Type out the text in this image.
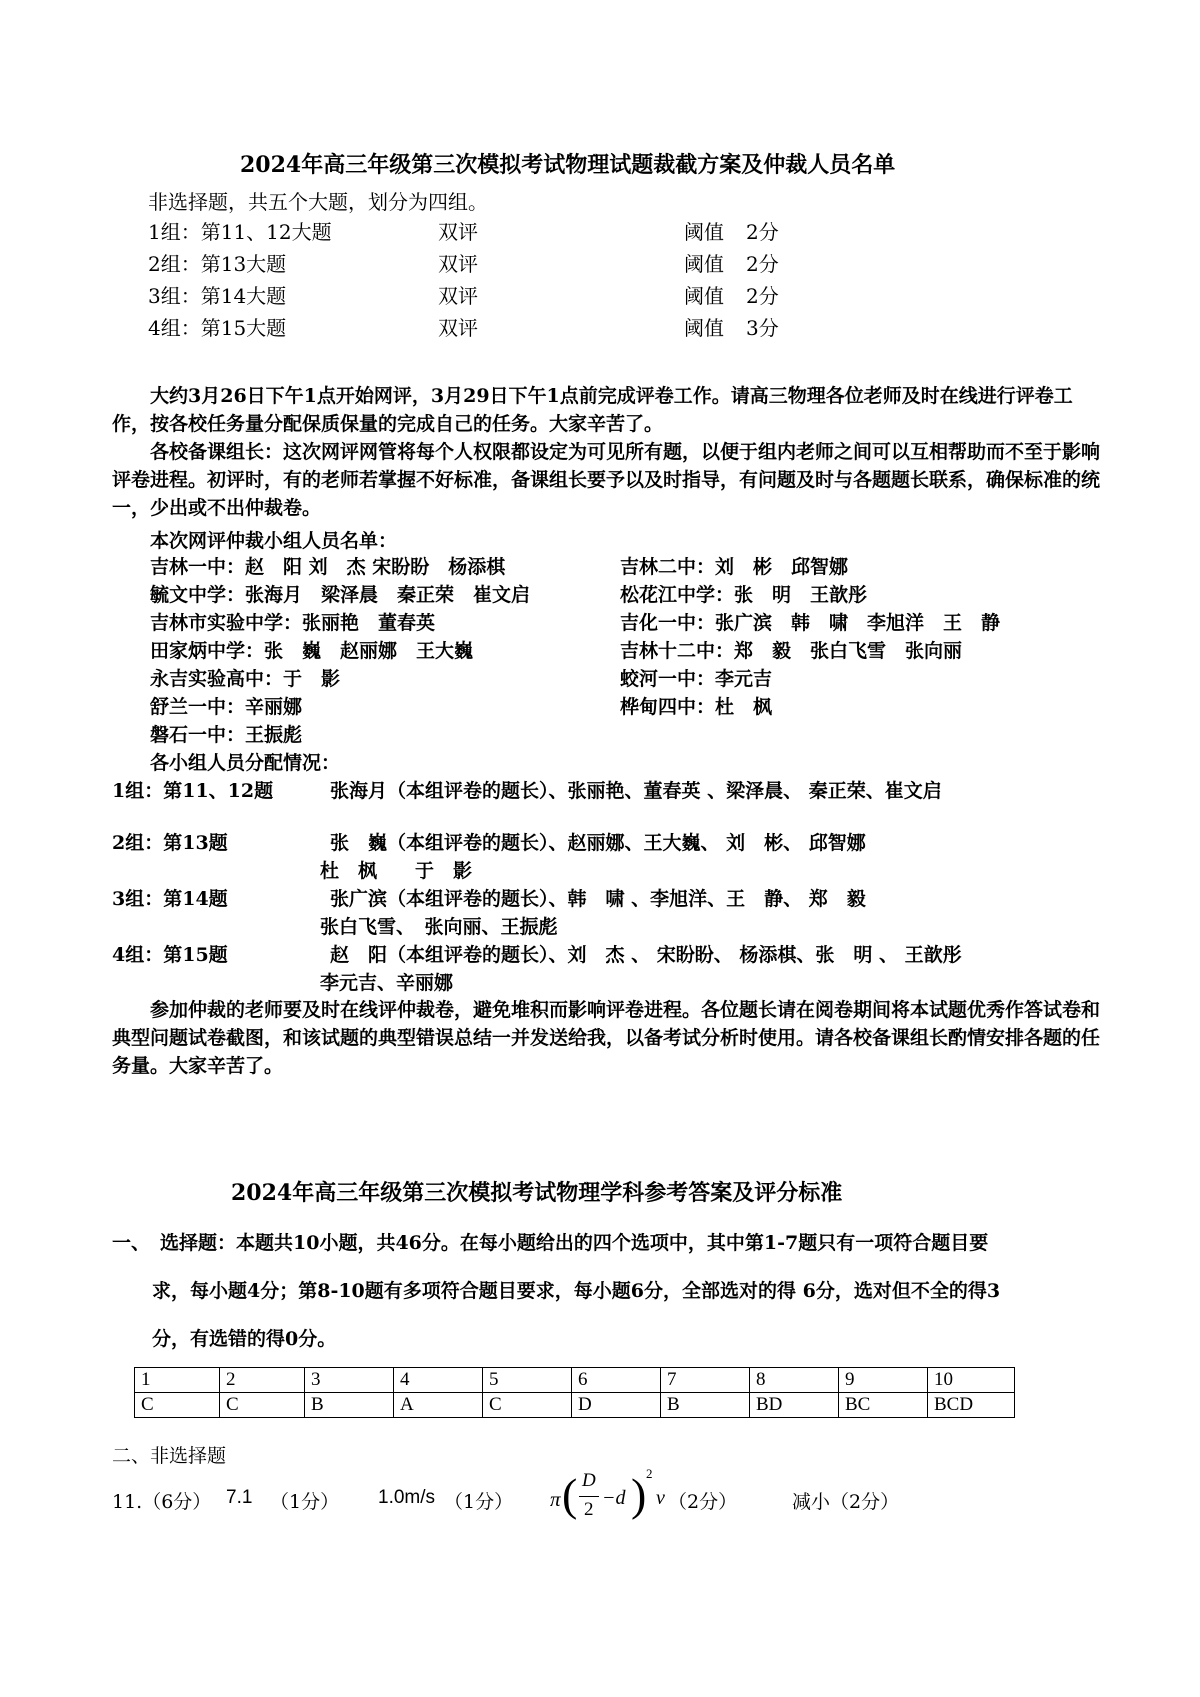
2024年高三年级第三次模拟考试物理试题裁截方案及仲裁人员名单
非选择题，共五个大题，划分为四组。
1组：第11、12大题	双评	阈值 2分
2组：第13大题	双评	阈值 2分
3组：第14大题	双评	阈值 2分
4组：第15大题	双评	阈值 3分
大约3月26日下午1点开始网评，3月29日下午1点前完成评卷工作。请高三物理各位老师及时在线进行评卷工作，按各校任务量分配保质保量的完成自己的任务。大家辛苦了。
各校备课组长：这次网评网管将每个人权限都设定为可见所有题，以便于组内老师之间可以互相帮助而不至于影响评卷进程。初评时，有的老师若掌握不好标准，备课组长要予以及时指导，有问题及时与各题题长联系，确保标准的统一，少出或不出仲裁卷。
本次网评仲裁小组人员名单：
吉林一中：赵　阳 刘　杰 宋盼盼　杨添棋
毓文中学：张海月　梁泽晨　秦正荣　崔文启
吉林市实验中学：张丽艳　董春英
田家炳中学：张　巍　赵丽娜　王大巍
永吉实验高中：于　影
舒兰一中：辛丽娜
磐石一中：王振彪
吉林二中：刘　彬　邱智娜
松花江中学：张　明　王歆彤
吉化一中：张广滨　韩　啸　李旭洋　王　静
吉林十二中：郑　毅　张白飞雪　张向丽
蛟河一中：李元吉
桦甸四中：杜　枫
各小组人员分配情况：
1组：第11、12题	张海月（本组评卷的题长）、张丽艳、董春英 、梁泽晨、 秦正荣、崔文启
2组：第13题	张　巍（本组评卷的题长）、赵丽娜、王大巍、 刘　彬、 邱智娜
杜　枫　　于　影
3组：第14题	张广滨（本组评卷的题长）、韩　啸 、李旭洋、王　静、 郑　毅
张白飞雪、　张向丽、王振彪
4组：第15题	赵　阳（本组评卷的题长）、刘　杰 、 宋盼盼、 杨添棋、张　明 、 王歆彤
李元吉、辛丽娜
参加仲裁的老师要及时在线评仲裁卷，避免堆积而影响评卷进程。各位题长请在阅卷期间将本试题优秀作答试卷和典型问题试卷截图，和该试题的典型错误总结一并发送给我，以备考试分析时使用。请各校备课组长酌情安排各题的任务量。大家辛苦了。
2024年高三年级第三次模拟考试物理学科参考答案及评分标准
一、 选择题：本题共10小题，共46分。在每小题给出的四个选项中，其中第1-7题只有一项符合题目要
求，每小题4分；第8-10题有多项符合题目要求，每小题6分，全部选对的得 6分，选对但不全的得3
分，有选错的得0分。
1	2	3	4	5	6	7	8	9	10
C	C	B	A	C	D	B	BD	BC	BCD
二、非选择题
11.（6分） 7.1 （1分） 1.0m/s （1分） π ( D
2
−d ) 2
v （2分）	减小（2分）
